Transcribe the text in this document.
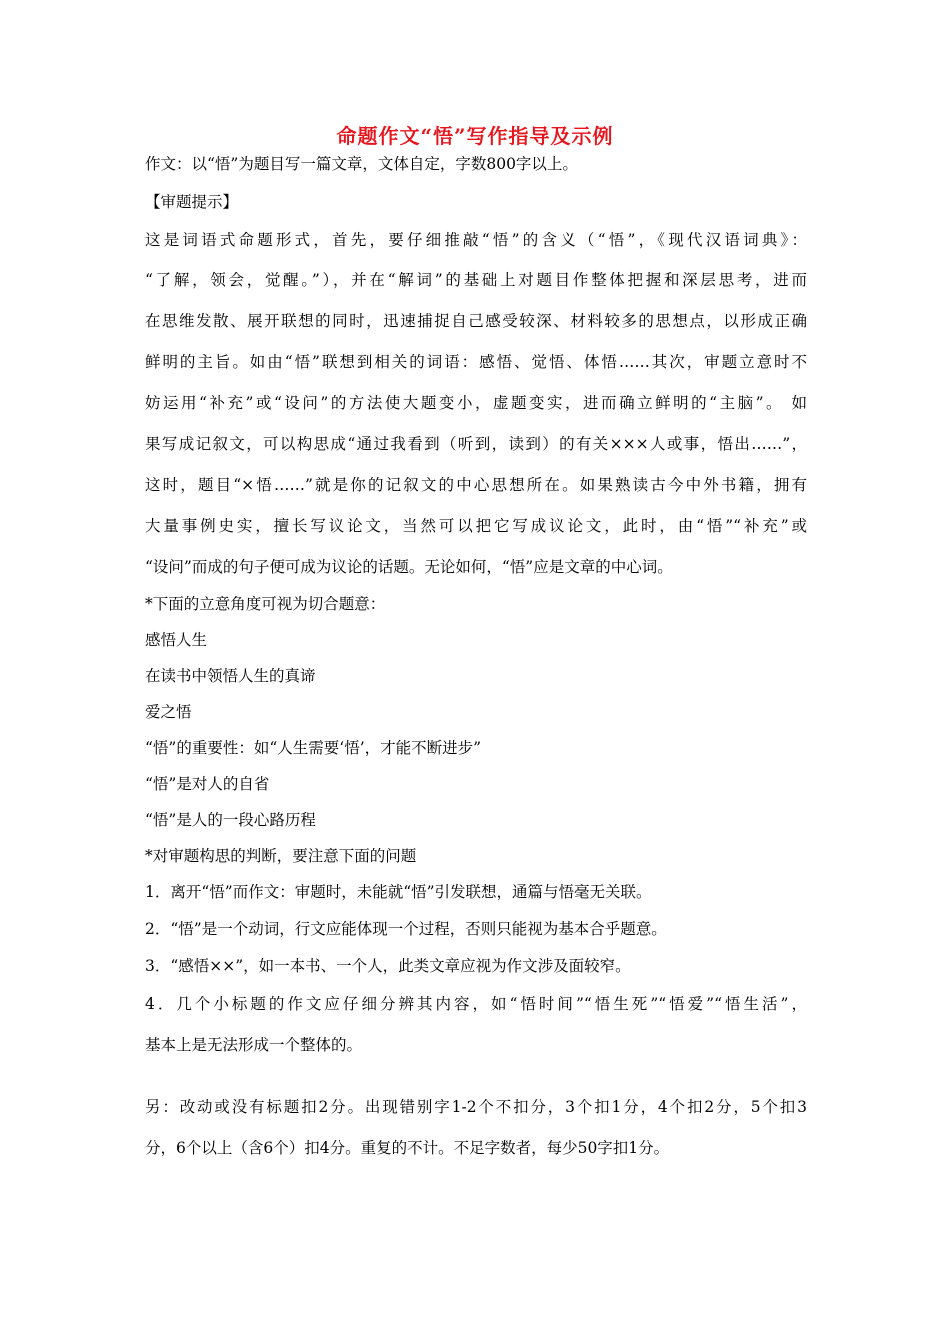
命题作文“悟”写作指导及示例
作文：以“悟”为题目写一篇文章，文体自定，字数800字以上。
【审题提示】
这是词语式命题形式，首先，要仔细推敲“悟”的含义（“悟”，《现代汉语词典》：
“了解，领会，觉醒。”），并在“解词”的基础上对题目作整体把握和深层思考，进而
在思维发散、展开联想的同时，迅速捕捉自己感受较深、材料较多的思想点，以形成正确
鲜明的主旨。如由“悟”联想到相关的词语：感悟、觉悟、体悟……其次，审题立意时不
妨运用“补充”或“设问”的方法使大题变小，虚题变实，进而确立鲜明的“主脑”。 如
果写成记叙文，可以构思成“通过我看到（听到，读到）的有关×××人或事，悟出……”，
这时，题目“×悟……”就是你的记叙文的中心思想所在。如果熟读古今中外书籍，拥有
大量事例史实，擅长写议论文，当然可以把它写成议论文，此时，由“悟”“补充”或
“设问”而成的句子便可成为议论的话题。无论如何，“悟”应是文章的中心词。
*下面的立意角度可视为切合题意：
感悟人生
在读书中领悟人生的真谛
爱之悟
“悟”的重要性：如“人生需要‘悟’，才能不断进步”
“悟”是对人的自省
“悟”是人的一段心路历程
*对审题构思的判断，要注意下面的问题
1．离开“悟”而作文：审题时，未能就“悟”引发联想，通篇与悟毫无关联。
2．“悟”是一个动词，行文应能体现一个过程，否则只能视为基本合乎题意。
3．“感悟××”，如一本书、一个人，此类文章应视为作文涉及面较窄。
4．几个小标题的作文应仔细分辨其内容，如“悟时间”“悟生死”“悟爱”“悟生活”，
基本上是无法形成一个整体的。
另：改动或没有标题扣2分。出现错别字1-2个不扣分，3个扣1分，4个扣2分，5个扣3
分，6个以上（含6个）扣4分。重复的不计。不足字数者，每少50字扣1分。
